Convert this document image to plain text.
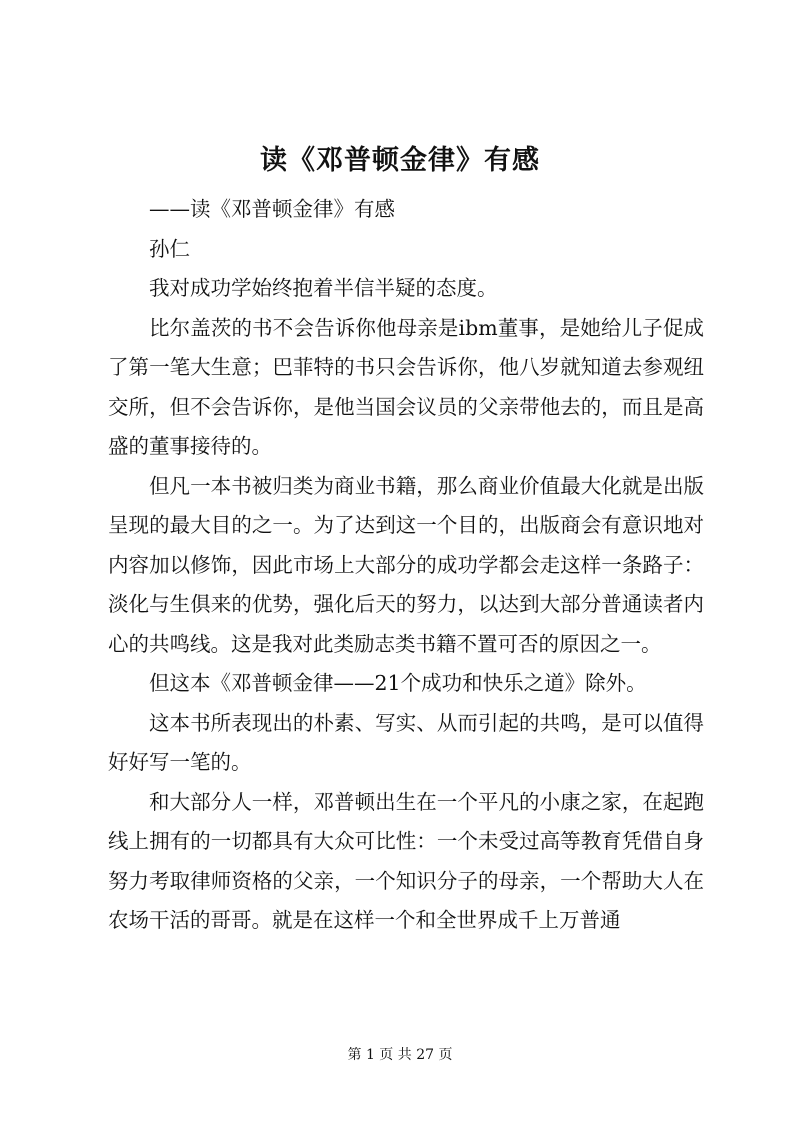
读《邓普顿金律》有感

——读《邓普顿金律》有感

孙仁

我对成功学始终抱着半信半疑的态度。

比尔盖茨的书不会告诉你他母亲是ibm董事，是她给儿子促成了第一笔大生意；巴菲特的书只会告诉你，他八岁就知道去参观纽交所，但不会告诉你，是他当国会议员的父亲带他去的，而且是高盛的董事接待的。

但凡一本书被归类为商业书籍，那么商业价值最大化就是出版呈现的最大目的之一。为了达到这一个目的，出版商会有意识地对内容加以修饰，因此市场上大部分的成功学都会走这样一条路子：淡化与生俱来的优势，强化后天的努力，以达到大部分普通读者内心的共鸣线。这是我对此类励志类书籍不置可否的原因之一。

但这本《邓普顿金律——21个成功和快乐之道》除外。

这本书所表现出的朴素、写实、从而引起的共鸣，是可以值得好好写一笔的。

和大部分人一样，邓普顿出生在一个平凡的小康之家，在起跑线上拥有的一切都具有大众可比性：一个未受过高等教育凭借自身努力考取律师资格的父亲，一个知识分子的母亲，一个帮助大人在农场干活的哥哥。就是在这样一个和全世界成千上万普通

第 1 页 共 27 页
